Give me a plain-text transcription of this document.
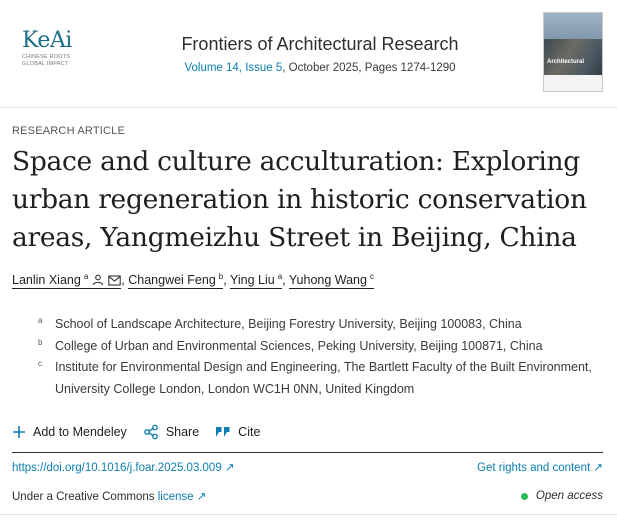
KeAi
CHINESE ROOTS
GLOBAL IMPACT
Frontiers of Architectural Research
Volume 14, Issue 5, October 2025, Pages 1274-1290	Architectural
RESEARCH ARTICLE
Space and culture acculturation: Exploring urban regeneration in historic conservation areas, Yangmeizhu Street in Beijing, China
Lanlin Xiang $^a$	, Changwei Feng $^b$, Ying Liu $^a$, Yuhong Wang $^c$
a	School of Landscape Architecture, Beijing Forestry University, Beijing 100083, China
b	College of Urban and Environmental Sciences, Peking University, Beijing 100871, China
c	Institute for Environmental Design and Engineering, The Bartlett Faculty of the Built Environment, University College London, London WC1H 0NN, United Kingdom
Add to Mendeley	Share	Cite
https://doi.org/10.1016/j.foar.2025.03.009 ↗	Get rights and content ↗
Under a Creative Commons license ↗	Open access
